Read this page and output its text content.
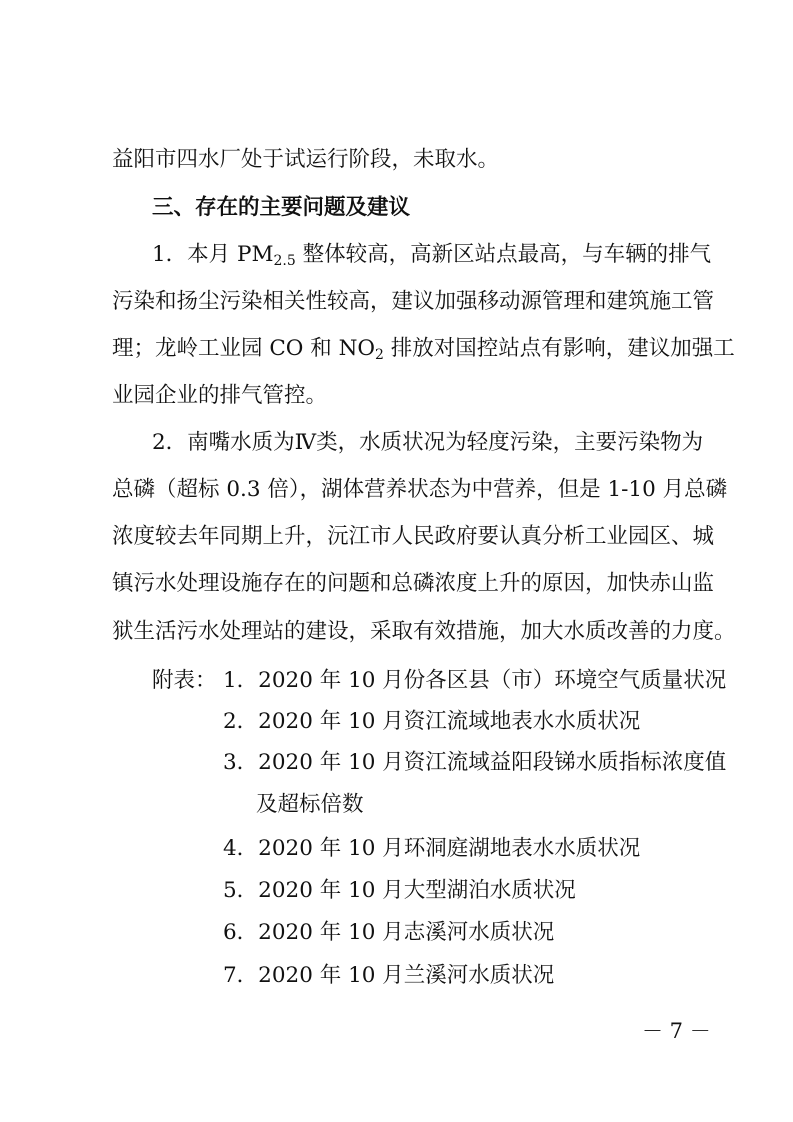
益阳市四水厂处于试运行阶段，未取水。
三、存在的主要问题及建议
1．本月 $PM_{2.5}$ 整体较高，高新区站点最高，与车辆的排气
污染和扬尘污染相关性较高，建议加强移动源管理和建筑施工管
理；龙岭工业园 CO 和 $NO_2$ 排放对国控站点有影响，建议加强工
业园企业的排气管控。
2．南嘴水质为Ⅳ类，水质状况为轻度污染，主要污染物为
总磷（超标 0.3 倍），湖体营养状态为中营养，但是 1-10 月总磷
浓度较去年同期上升，沅江市人民政府要认真分析工业园区、城
镇污水处理设施存在的问题和总磷浓度上升的原因，加快赤山监
狱生活污水处理站的建设，采取有效措施，加大水质改善的力度。
附表： 1．2020 年 10 月份各区县（市）环境空气质量状况
2．2020 年 10 月资江流域地表水水质状况
3．2020 年 10 月资江流域益阳段锑水质指标浓度值
及超标倍数
4．2020 年 10 月环洞庭湖地表水水质状况
5．2020 年 10 月大型湖泊水质状况
6．2020 年 10 月志溪河水质状况
7．2020 年 10 月兰溪河水质状况
－ 7 －
